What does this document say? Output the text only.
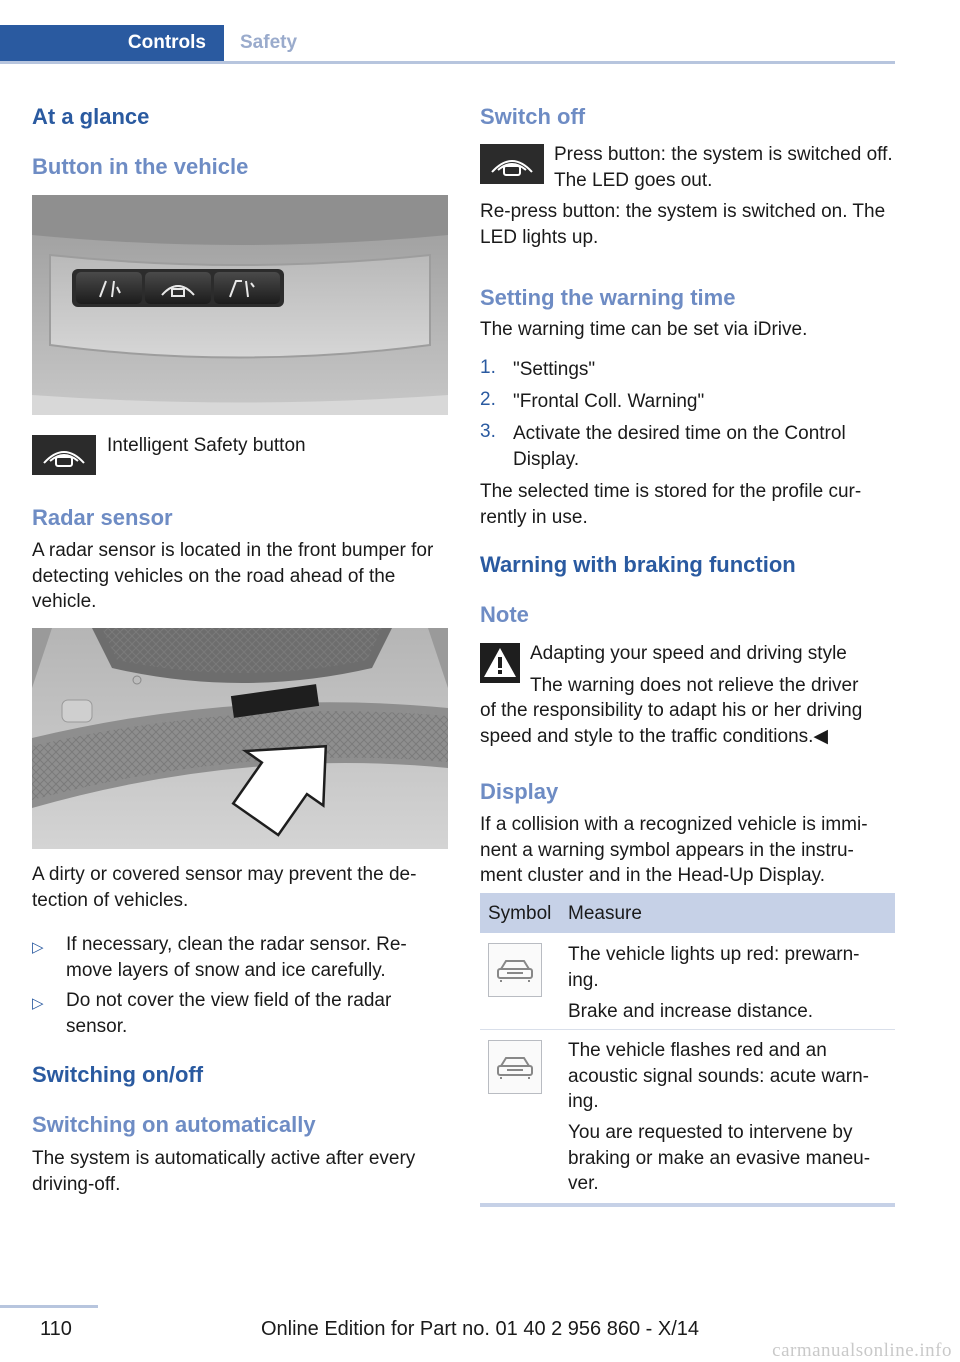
Controls	Safety
At a glance
Button in the vehicle
Intelligent Safety button
Radar sensor
A radar sensor is located in the front bumper for detecting vehicles on the road ahead of the vehicle.
A dirty or covered sensor may prevent the de‐ tection of vehicles.
▷ If necessary, clean the radar sensor. Re‐ move layers of snow and ice carefully.
▷ Do not cover the view field of the radar sensor.
Switching on/off
Switching on automatically
The system is automatically active after every driving-off.
Switch off
Press button: the system is switched off. The LED goes out.
Re-press button: the system is switched on. The LED lights up.
Setting the warning time
The warning time can be set via iDrive.
1. "Settings"
2. "Frontal Coll. Warning"
3. Activate the desired time on the Control Display.
The selected time is stored for the profile cur‐ rently in use.
Warning with braking function
Note
Adapting your speed and driving style
The warning does not relieve the driver
of the responsibility to adapt his or her driving speed and style to the traffic conditions.◀
Display
If a collision with a recognized vehicle is immi‐ nent a warning symbol appears in the instru‐ ment cluster and in the Head-Up Display.
Symbol Measure
The vehicle lights up red: prewarn‐ ing.
Brake and increase distance.
The vehicle flashes red and an acoustic signal sounds: acute warn‐ ing.
You are requested to intervene by braking or make an evasive maneu‐ ver.
110	Online Edition for Part no. 01 40 2 956 860 - X/14
carmanualsonline.info
